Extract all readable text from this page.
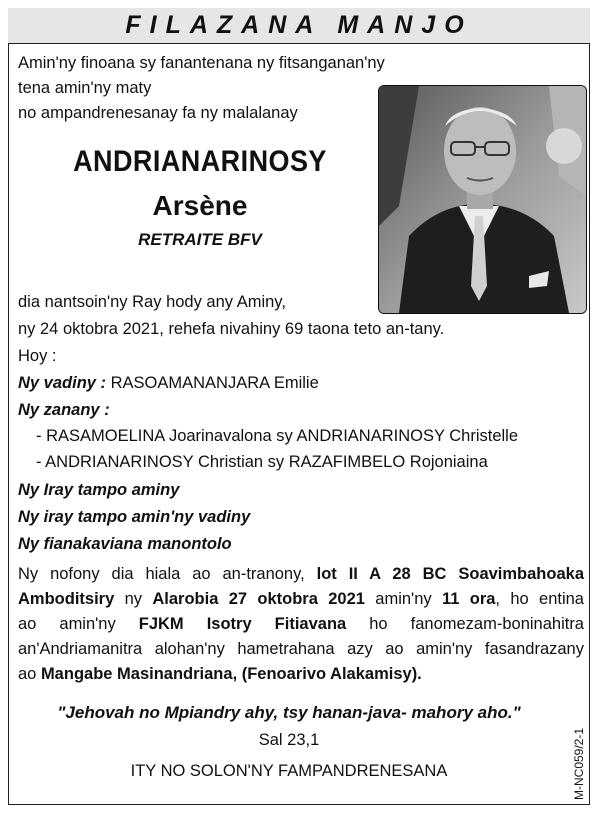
FILAZANA MANJO
Amin'ny finoana sy fanantenana ny fitsanganan'ny tena amin'ny maty
no ampandrenesanay fa ny malalanay
ANDRIANARINOSY
Arsène
RETRAITE BFV
dia nantsoin'ny Ray hody any Aminy,
ny 24 oktobra 2021, rehefa nivahiny 69 taona teto an-tany.
Hoy :
Ny vadiny : RASOAMANANJARA Emilie
Ny zanany :
- RASAMOELINA Joarinavalona sy ANDRIANARINOSY Christelle
- ANDRIANARINOSY Christian sy RAZAFIMBELO Rojoniaina
Ny Iray tampo aminy
Ny iray tampo amin'ny vadiny
Ny fianakaviana manontolo
Ny nofony dia hiala ao an-tranony, lot II A 28 BC Soavimbahoaka
Amboditsiry ny Alarobia 27 oktobra 2021 amin'ny 11 ora, ho entina
ao amin'ny FJKM Isotry Fitiavana ho fanomezam-boninahitra
an'Andriamanitra alohan'ny hametrahana azy ao amin'ny fasandrazany
ao Mangabe Masinandriana, (Fenoarivo Alakamisy).
"Jehovah no Mpiandry ahy, tsy hanan-java- mahory aho."
Sal 23,1
ITY NO SOLON'NY FAMPANDRENESANA	M-NC059/2-1
